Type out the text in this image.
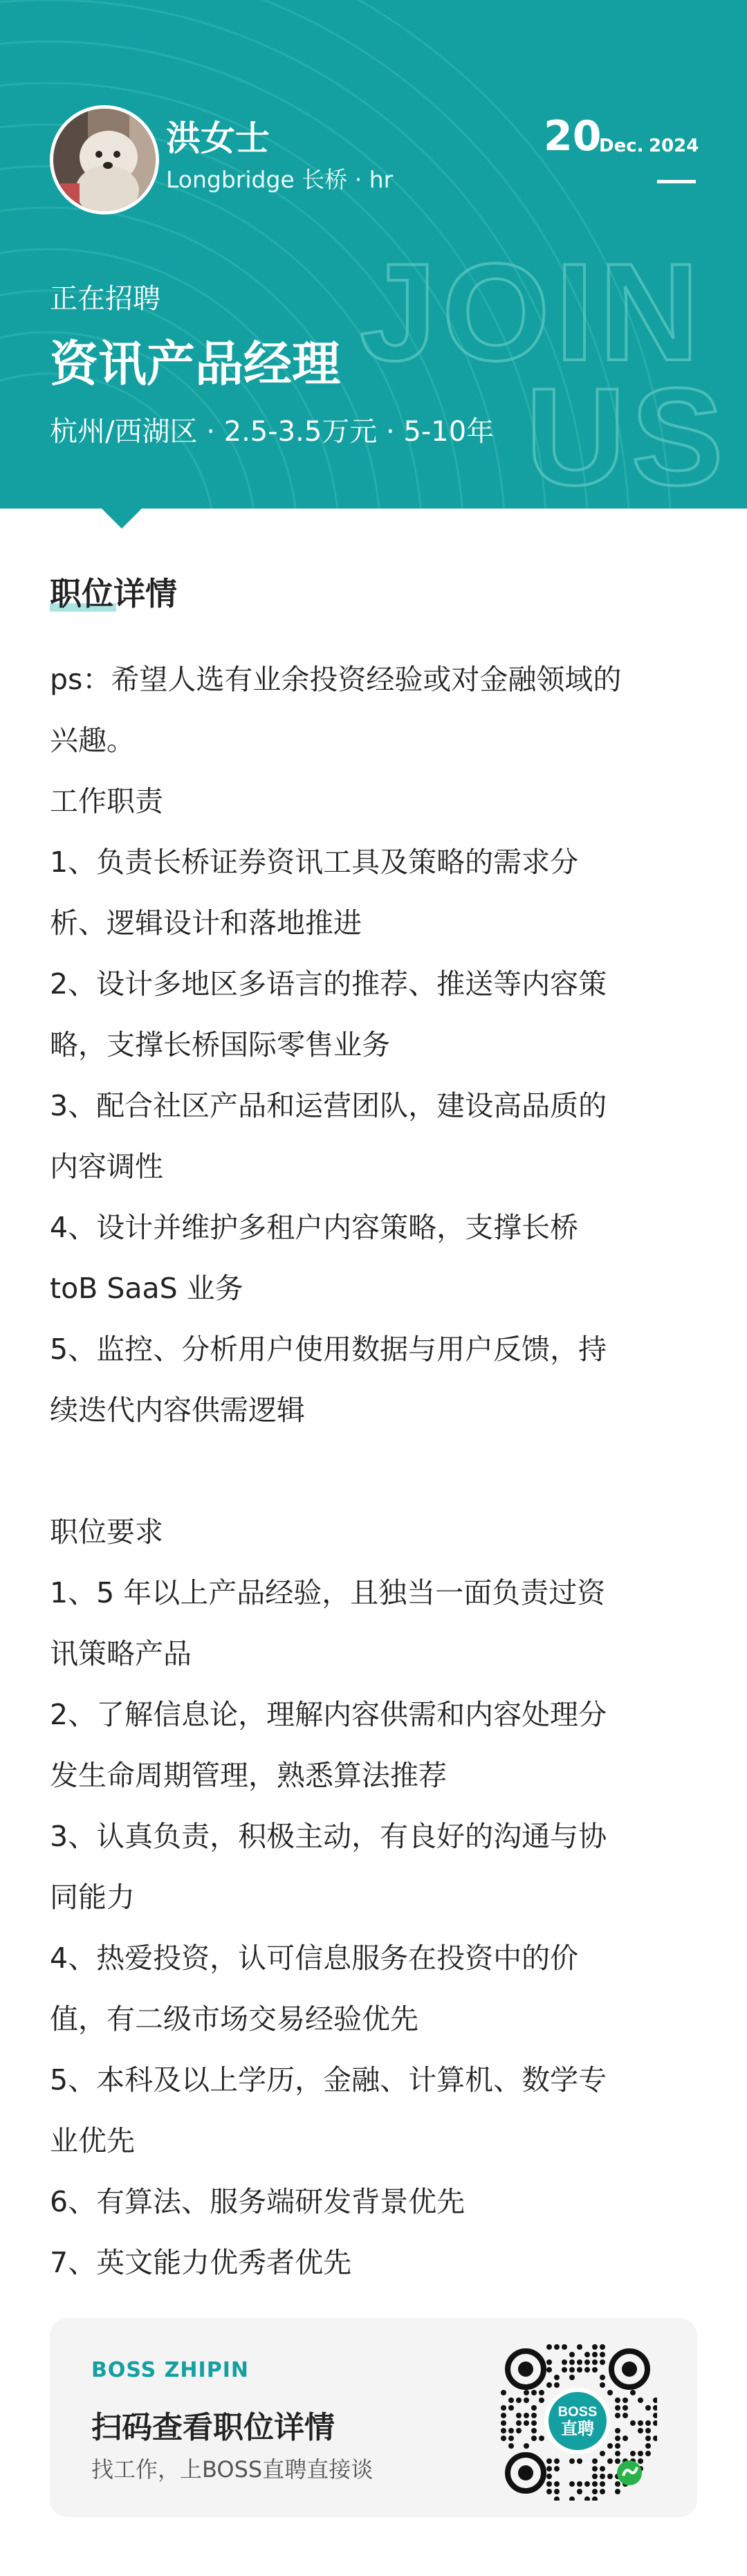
JOIN
US
洪女士
Longbridge 长桥 · hr
20
Dec. 2024
正在招聘
资讯产品经理
杭州/西湖区 · 2.5-3.5万元 · 5-10年
职位详情
ps：希望人选有业余投资经验或对金融领域的
兴趣。
工作职责
1、负责长桥证券资讯工具及策略的需求分
析、逻辑设计和落地推进
2、设计多地区多语言的推荐、推送等内容策
略，支撑长桥国际零售业务
3、配合社区产品和运营团队，建设高品质的
内容调性
4、设计并维护多租户内容策略，支撑长桥
toB SaaS 业务
5、监控、分析用户使用数据与用户反馈，持
续迭代内容供需逻辑
职位要求
1、5 年以上产品经验，且独当一面负责过资
讯策略产品
2、了解信息论，理解内容供需和内容处理分
发生命周期管理，熟悉算法推荐
3、认真负责，积极主动，有良好的沟通与协
同能力
4、热爱投资，认可信息服务在投资中的价
值，有二级市场交易经验优先
5、本科及以上学历，金融、计算机、数学专
业优先
6、有算法、服务端研发背景优先
7、英文能力优秀者优先
BOSS ZHIPIN
扫码查看职位详情
找工作，上BOSS直聘直接谈
BOSS
直聘
